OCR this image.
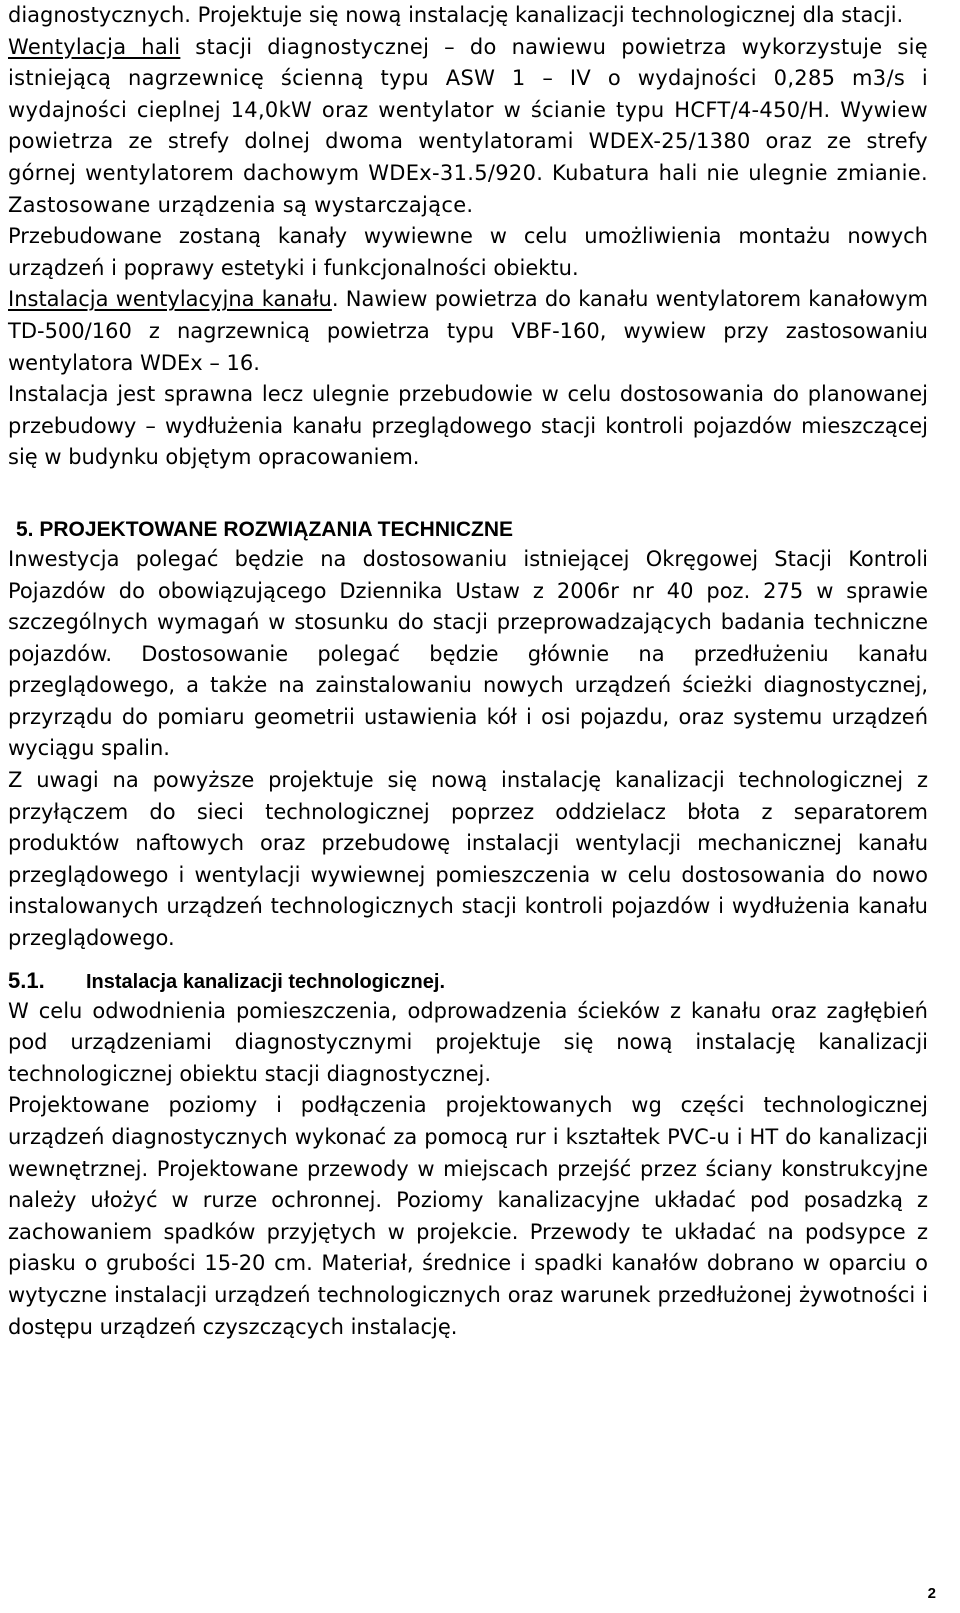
diagnostycznych. Projektuje się nową instalację kanalizacji technologicznej dla stacji.

Wentylacja hali stacji diagnostycznej – do nawiewu powietrza wykorzystuje się istniejącą nagrzewnicę ścienną typu ASW 1 – IV o wydajności 0,285 m3/s i wydajności cieplnej 14,0kW oraz wentylator w ścianie typu HCFT/4-450/H. Wywiew powietrza ze strefy dolnej dwoma wentylatorami WDEX-25/1380 oraz ze strefy górnej wentylatorem dachowym WDEx-31.5/920. Kubatura hali nie ulegnie zmianie. Zastosowane urządzenia są wystarczające.

Przebudowane zostaną kanały wywiewne w celu umożliwienia montażu nowych urządzeń i poprawy estetyki i funkcjonalności obiektu.

Instalacja wentylacyjna kanału. Nawiew powietrza do kanału wentylatorem kanałowym TD-500/160 z nagrzewnicą powietrza typu VBF-160, wywiew przy zastosowaniu wentylatora WDEx – 16.

Instalacja jest sprawna lecz ulegnie przebudowie w celu dostosowania do planowanej przebudowy – wydłużenia kanału przeglądowego stacji kontroli pojazdów mieszczącej się w budynku objętym opracowaniem.

5. PROJEKTOWANE ROZWIĄZANIA TECHNICZNE

Inwestycja polegać będzie na dostosowaniu istniejącej Okręgowej Stacji Kontroli Pojazdów do obowiązującego Dziennika Ustaw z 2006r nr 40 poz. 275 w sprawie szczególnych wymagań w stosunku do stacji przeprowadzających badania techniczne pojazdów. Dostosowanie polegać będzie głównie na przedłużeniu kanału przeglądowego, a także na zainstalowaniu nowych urządzeń ścieżki diagnostycznej, przyrządu do pomiaru geometrii ustawienia kół i osi pojazdu, oraz systemu urządzeń wyciągu spalin.

Z uwagi na powyższe projektuje się nową instalację kanalizacji technologicznej z przyłączem do sieci technologicznej poprzez oddzielacz błota z separatorem produktów naftowych oraz przebudowę instalacji wentylacji mechanicznej kanału przeglądowego i wentylacji wywiewnej pomieszczenia w celu dostosowania do nowo instalowanych urządzeń technologicznych stacji kontroli pojazdów i wydłużenia kanału przeglądowego.

5.1.	Instalacja kanalizacji technologicznej.

W celu odwodnienia pomieszczenia, odprowadzenia ścieków z kanału oraz zagłębień pod urządzeniami diagnostycznymi projektuje się nową instalację kanalizacji technologicznej obiektu stacji diagnostycznej.

Projektowane poziomy i podłączenia projektowanych wg części technologicznej urządzeń diagnostycznych wykonać za pomocą rur i kształtek PVC-u i HT do kanalizacji wewnętrznej. Projektowane przewody w miejscach przejść przez ściany konstrukcyjne należy ułożyć w rurze ochronnej. Poziomy kanalizacyjne układać pod posadzką z zachowaniem spadków przyjętych w projekcie. Przewody te układać na podsypce z piasku o grubości 15-20 cm. Materiał, średnice i spadki kanałów dobrano w oparciu o wytyczne instalacji urządzeń technologicznych oraz warunek przedłużonej żywotności i dostępu urządzeń czyszczących instalację.

2
